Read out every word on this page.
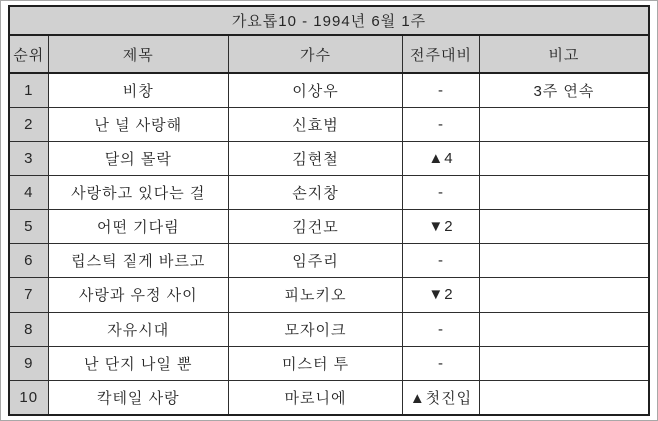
가요톱10 - 1994년 6월 1주				
순위	제목	가수	전주대비	비고
1	비창	이상우	-	3주 연속
2	난 널 사랑해	신효범	-	
3	달의 몰락	김현철	▲4	
4	사랑하고 있다는 걸	손지창	-	
5	어떤 기다림	김건모	▼2	
6	립스틱 짙게 바르고	임주리	-	
7	사랑과 우정 사이	피노키오	▼2	
8	자유시대	모자이크	-	
9	난 단지 나일 뿐	미스터 투	-	
10	칵테일 사랑	마로니에	▲첫진입	
